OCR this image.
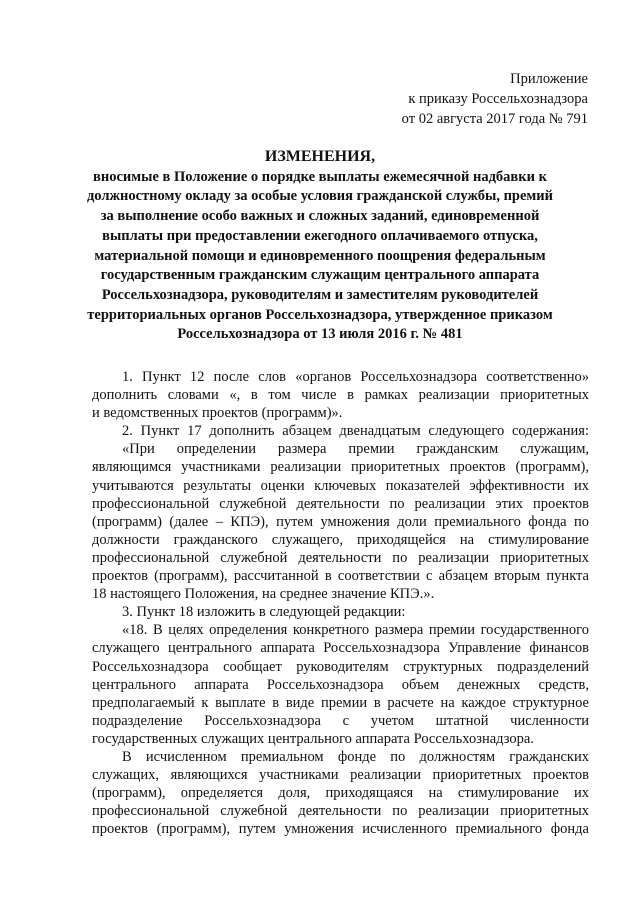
Приложение
к приказу Россельхознадзора
от 02 августа 2017 года № 791
ИЗМЕНЕНИЯ,
вносимые в Положение о порядке выплаты ежемесячной надбавки к
должностному окладу за особые условия гражданской службы, премий
за выполнение особо важных и сложных заданий, единовременной
выплаты при предоставлении ежегодного оплачиваемого отпуска,
материальной помощи и единовременного поощрения федеральным
государственным гражданским служащим центрального аппарата
Россельхознадзора, руководителям и заместителям руководителей
территориальных органов Россельхознадзора, утвержденное приказом
Россельхознадзора от 13 июля 2016 г. № 481
1. Пункт 12 после слов «органов Россельхознадзора соответственно»
дополнить словами «, в том числе в рамках реализации приоритетных
и ведомственных проектов (программ)».
2. Пункт 17 дополнить абзацем двенадцатым следующего содержания:
«При определении размера премии гражданским служащим,
являющимся участниками реализации приоритетных проектов (программ),
учитываются результаты оценки ключевых показателей эффективности их
профессиональной служебной деятельности по реализации этих проектов
(программ) (далее – КПЭ), путем умножения доли премиального фонда по
должности гражданского служащего, приходящейся на стимулирование
профессиональной служебной деятельности по реализации приоритетных
проектов (программ), рассчитанной в соответствии с абзацем вторым пункта
18 настоящего Положения, на среднее значение КПЭ.».
3. Пункт 18 изложить в следующей редакции:
«18. В целях определения конкретного размера премии государственного
служащего центрального аппарата Россельхознадзора Управление финансов
Россельхознадзора сообщает руководителям структурных подразделений
центрального аппарата Россельхознадзора объем денежных средств,
предполагаемый к выплате в виде премии в расчете на каждое структурное
подразделение Россельхознадзора с учетом штатной численности
государственных служащих центрального аппарата Россельхознадзора.
В исчисленном премиальном фонде по должностям гражданских
служащих, являющихся участниками реализации приоритетных проектов
(программ), определяется доля, приходящаяся на стимулирование их
профессиональной служебной деятельности по реализации приоритетных
проектов (программ), путем умножения исчисленного премиального фонда
